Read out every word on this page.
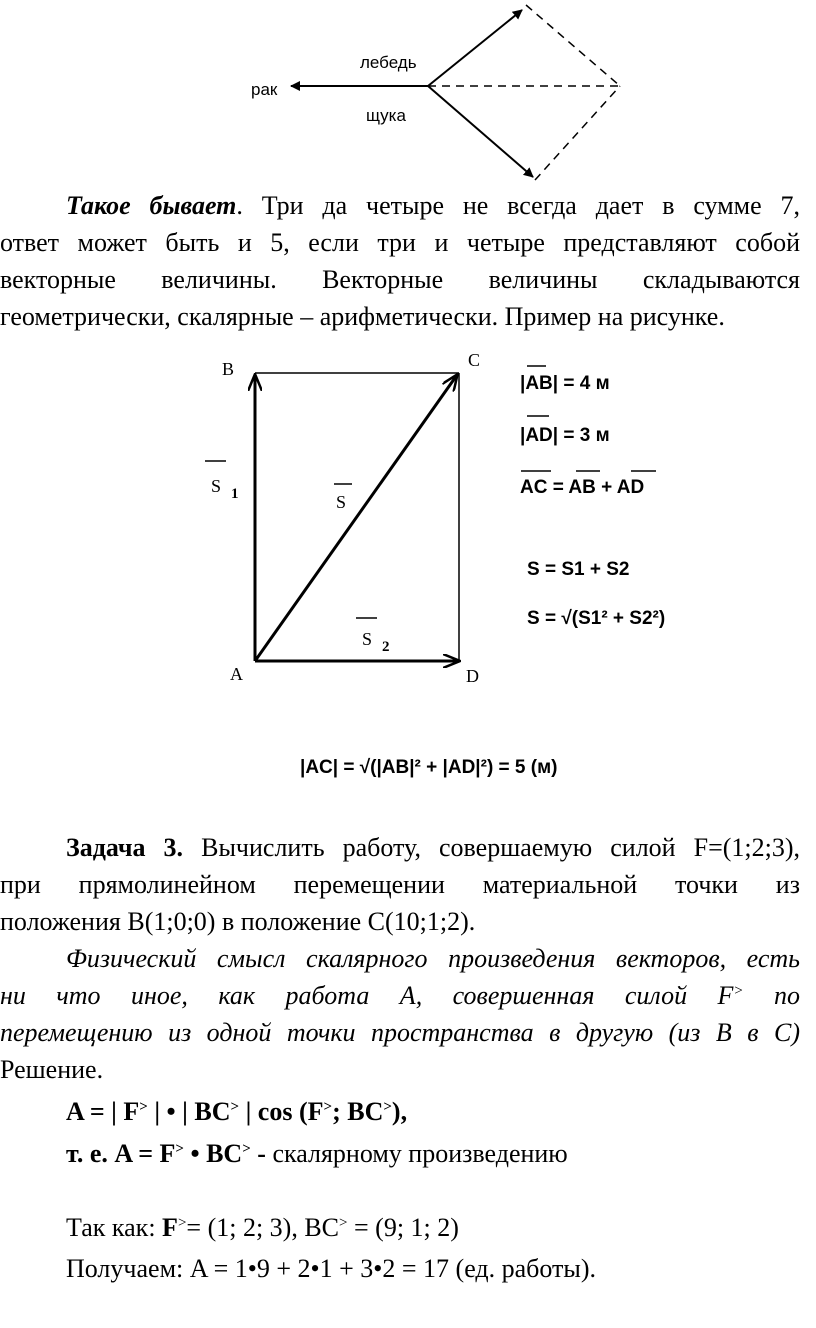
рак
лебедь
щука
Такое бывает. Три да четыре не всегда дает в сумме 7,
ответ может быть и 5, если три и четыре представляют собой
векторные величины. Векторные величины складываются
геометрически, скалярные – арифметически. Пример на рисунке.
B	C
A	D
S 1	S
S 2
|AB| = 4 м
|AD| = 3 м
AC = AB + AD
S = S1 + S2
S = √(S1² + S2²)
|AC| = √(|AB|² + |AD|²) = 5 (м)
Задача 3. Вычислить работу, совершаемую силой F=(1;2;3),
при прямолинейном перемещении материальной точки из
положения B(1;0;0) в положение C(10;1;2).
Физический смысл скалярного произведения векторов, есть
ни что иное, как работа А, совершенная силой F> по
перемещению из одной точки пространства в другую (из В в С)
Решение.
A = | F> | • | BC> | cos (F>; BC>),
т. е. A = F> • BC> - скалярному произведению
Так как: F>= (1; 2; 3), BC> = (9; 1; 2)
Получаем: A = 1•9 + 2•1 + 3•2 = 17 (ед. работы).
